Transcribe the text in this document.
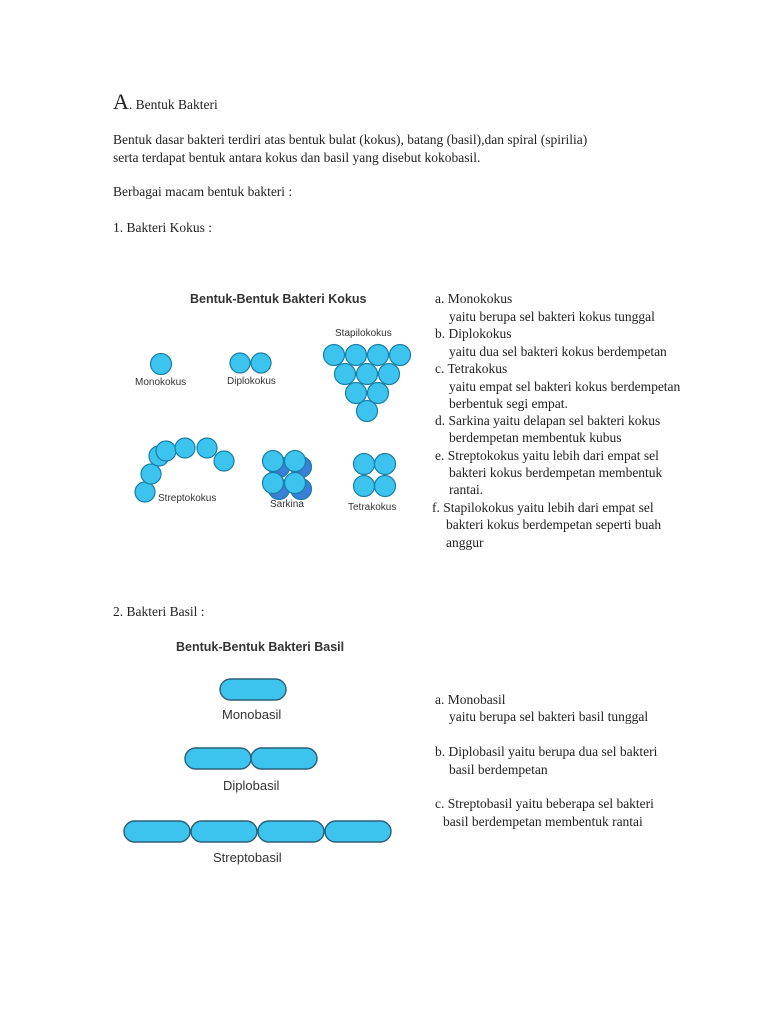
A. Bentuk Bakteri
Bentuk dasar bakteri terdiri atas bentuk bulat (kokus), batang (basil),dan spiral (spirilia)
serta terdapat bentuk antara kokus dan basil yang disebut kokobasil.
Berbagai macam bentuk bakteri :
1. Bakteri Kokus :
Bentuk-Bentuk Bakteri Kokus
Monokokus	Diplokokus
Stapilokokus
Streptokokus
Sarkina	Tetrakokus
a. Monokokus
yaitu berupa sel bakteri kokus tunggal
b. Diplokokus
yaitu dua sel bakteri kokus berdempetan
c. Tetrakokus
yaitu empat sel bakteri kokus berdempetan
berbentuk segi empat.
d. Sarkina yaitu delapan sel bakteri kokus
berdempetan membentuk kubus
e. Streptokokus yaitu lebih dari empat sel
bakteri kokus berdempetan membentuk
rantai.
f. Stapilokokus yaitu lebih dari empat sel
bakteri kokus berdempetan seperti buah
anggur
2. Bakteri Basil :
Bentuk-Bentuk Bakteri Basil
Monobasil
Diplobasil
Streptobasil
a. Monobasil
yaitu berupa sel bakteri basil tunggal
b. Diplobasil yaitu berupa dua sel bakteri
basil berdempetan
c. Streptobasil yaitu beberapa sel bakteri
basil berdempetan membentuk rantai
